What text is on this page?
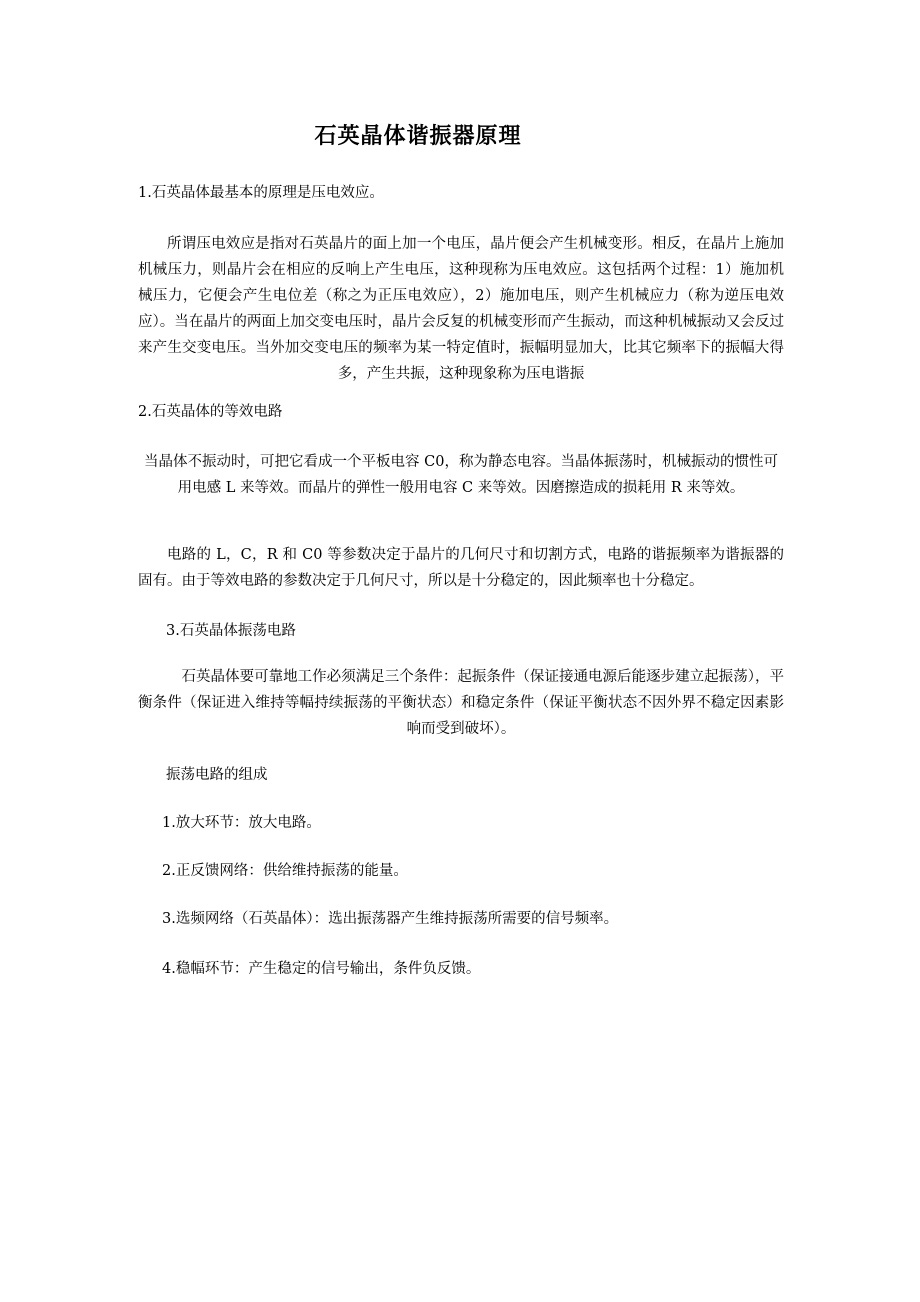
石英晶体谐振器原理

1.石英晶体最基本的原理是压电效应。

所谓压电效应是指对石英晶片的面上加一个电压，晶片便会产生机械变形。相反，在晶片上施加机械压力，则晶片会在相应的反响上产生电压，这种现称为压电效应。这包括两个过程：1）施加机械压力，它便会产生电位差（称之为正压电效应），2）施加电压，则产生机械应力（称为逆压电效应）。当在晶片的两面上加交变电压时，晶片会反复的机械变形而产生振动，而这种机械振动又会反过来产生交变电压。当外加交变电压的频率为某一特定值时，振幅明显加大，比其它频率下的振幅大得多，产生共振，这种现象称为压电谐振

2.石英晶体的等效电路

当晶体不振动时，可把它看成一个平板电容 C0，称为静态电容。当晶体振荡时，机械振动的惯性可用电感 L 来等效。而晶片的弹性一般用电容 C 来等效。因磨擦造成的损耗用 R 来等效。

电路的 L，C，R 和 C0 等参数决定于晶片的几何尺寸和切割方式，电路的谐振频率为谐振器的固有。由于等效电路的参数决定于几何尺寸，所以是十分稳定的，因此频率也十分稳定。

3.石英晶体振荡电路

石英晶体要可靠地工作必须满足三个条件：起振条件（保证接通电源后能逐步建立起振荡），平衡条件（保证进入维持等幅持续振荡的平衡状态）和稳定条件（保证平衡状态不因外界不稳定因素影响而受到破坏）。

振荡电路的组成

1.放大环节：放大电路。

2.正反馈网络：供给维持振荡的能量。

3.选频网络（石英晶体）：选出振荡器产生维持振荡所需要的信号频率。

4.稳幅环节：产生稳定的信号输出，条件负反馈。
